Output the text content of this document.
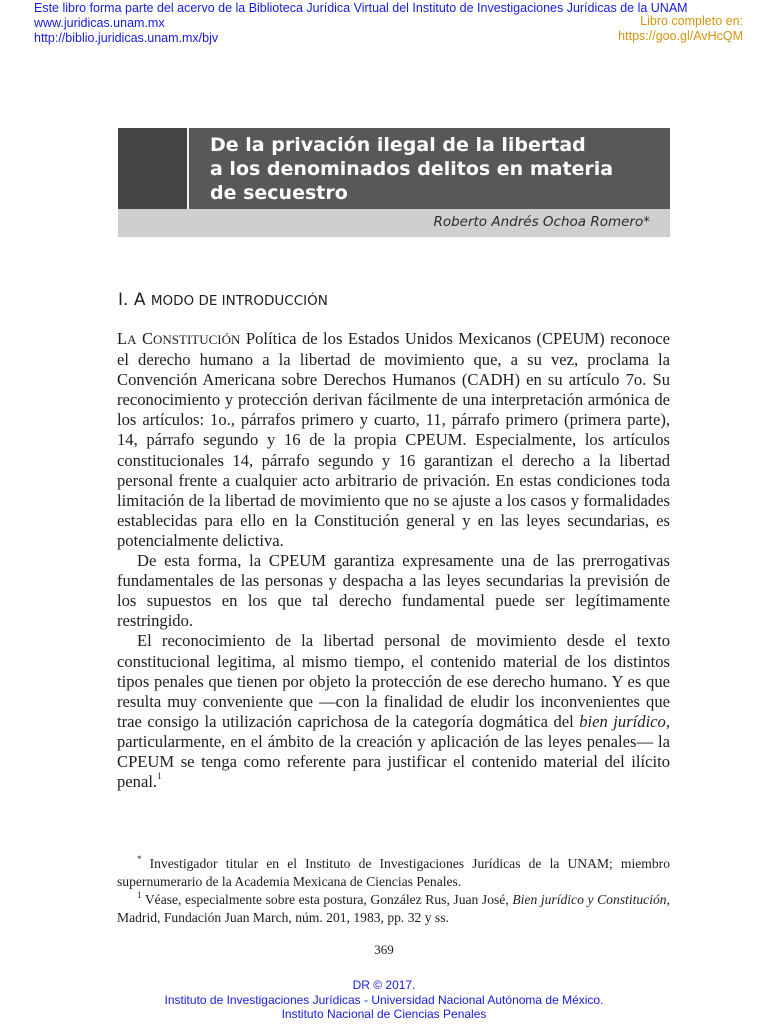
Este libro forma parte del acervo de la Biblioteca Jurídica Virtual del Instituto de Investigaciones Jurídicas de la UNAM
www.juridicas.unam.mx
http://biblio.juridicas.unam.mx/bjv
Libro completo en:
https://goo.gl/AvHcQM
De la privación ilegal de la libertad
a los denominados delitos en materia
de secuestro
Roberto Andrés Ochoa Romero*
I. A MODO DE INTRODUCCIÓN

LA CONSTITUCIÓN Política de los Estados Unidos Mexicanos (CPEUM) reconoce el derecho humano a la libertad de movimiento que, a su vez, proclama la Convención Americana sobre Derechos Humanos (CADH) en su artículo 7o. Su reconocimiento y protección derivan fácilmente de una interpretación armónica de los artículos: 1o., párrafos primero y cuarto, 11, párrafo primero (primera parte), 14, párrafo segundo y 16 de la propia CPEUM. Especialmente, los artículos constitucionales 14, párrafo segundo y 16 garantizan el derecho a la libertad personal frente a cualquier acto arbitrario de privación. En estas condiciones toda limitación de la libertad de movimiento que no se ajuste a los casos y formalidades establecidas para ello en la Constitución general y en las leyes secundarias, es potencialmente delictiva.

De esta forma, la CPEUM garantiza expresamente una de las prerrogativas fundamentales de las personas y despacha a las leyes secundarias la previsión de los supuestos en los que tal derecho fundamental puede ser legítimamente restringido.

El reconocimiento de la libertad personal de movimiento desde el texto constitucional legitima, al mismo tiempo, el contenido material de los distintos tipos penales que tienen por objeto la protección de ese derecho humano. Y es que resulta muy conveniente que —con la finalidad de eludir los inconvenientes que trae consigo la utilización caprichosa de la categoría dogmática del bien jurídico, particularmente, en el ámbito de la creación y aplicación de las leyes penales— la CPEUM se tenga como referente para justificar el contenido material del ilícito penal.$^1$

* Investigador titular en el Instituto de Investigaciones Jurídicas de la UNAM; miembro supernumerario de la Academia Mexicana de Ciencias Penales.

$^1$ Véase, especialmente sobre esta postura, González Rus, Juan José, Bien jurídico y Constitución, Madrid, Fundación Juan March, núm. 201, 1983, pp. 32 y ss.

369
DR © 2017.
Instituto de Investigaciones Jurídicas - Universidad Nacional Autónoma de México.
Instituto Nacional de Ciencias Penales
